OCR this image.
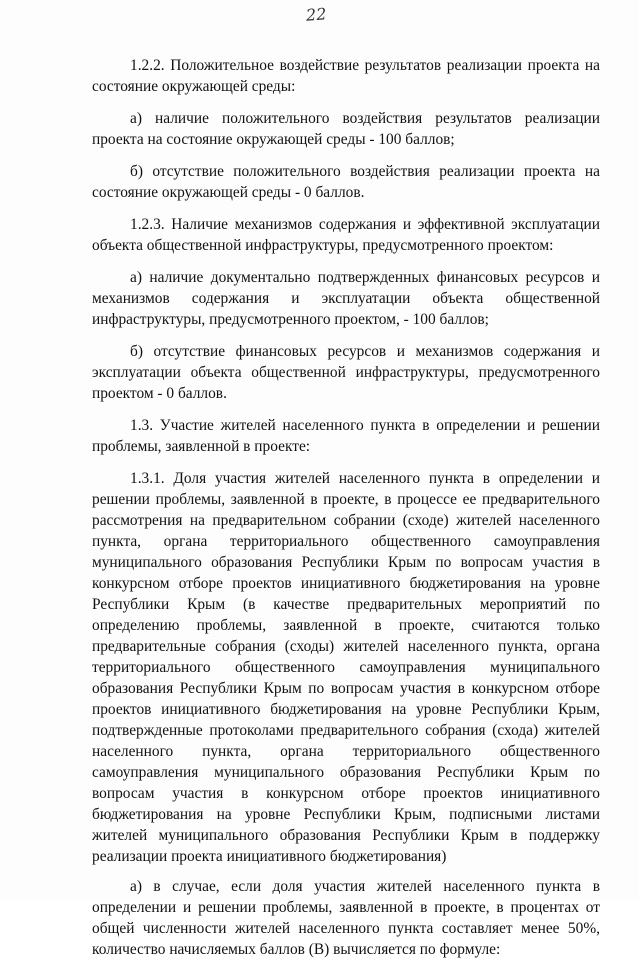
22

1.2.2. Положительное воздействие результатов реализации проекта на состояние окружающей среды:

а) наличие положительного воздействия результатов реализации проекта на состояние окружающей среды - 100 баллов;

б) отсутствие положительного воздействия реализации проекта на состояние окружающей среды - 0 баллов.

1.2.3. Наличие механизмов содержания и эффективной эксплуатации объекта общественной инфраструктуры, предусмотренного проектом:

а) наличие документально подтвержденных финансовых ресурсов и механизмов содержания и эксплуатации объекта общественной инфраструктуры, предусмотренного проектом, - 100 баллов;

б) отсутствие финансовых ресурсов и механизмов содержания и эксплуатации объекта общественной инфраструктуры, предусмотренного проектом - 0 баллов.

1.3. Участие жителей населенного пункта в определении и решении проблемы, заявленной в проекте:

1.3.1. Доля участия жителей населенного пункта в определении и решении проблемы, заявленной в проекте, в процессе ее предварительного рассмотрения на предварительном собрании (сходе) жителей населенного пункта, органа территориального общественного самоуправления муниципального образования Республики Крым по вопросам участия в конкурсном отборе проектов инициативного бюджетирования на уровне Республики Крым (в качестве предварительных мероприятий по определению проблемы, заявленной в проекте, считаются только предварительные собрания (сходы) жителей населенного пункта, органа территориального общественного самоуправления муниципального образования Республики Крым по вопросам участия в конкурсном отборе проектов инициативного бюджетирования на уровне Республики Крым, подтвержденные протоколами предварительного собрания (схода) жителей населенного пункта, органа территориального общественного самоуправления муниципального образования Республики Крым по вопросам участия в конкурсном отборе проектов инициативного бюджетирования на уровне Республики Крым, подписными листами жителей муниципального образования Республики Крым в поддержку реализации проекта инициативного бюджетирования)

а) в случае, если доля участия жителей населенного пункта в определении и решении проблемы, заявленной в проекте, в процентах от общей численности жителей населенного пункта составляет менее 50%, количество начисляемых баллов (В) вычисляется по формуле:
